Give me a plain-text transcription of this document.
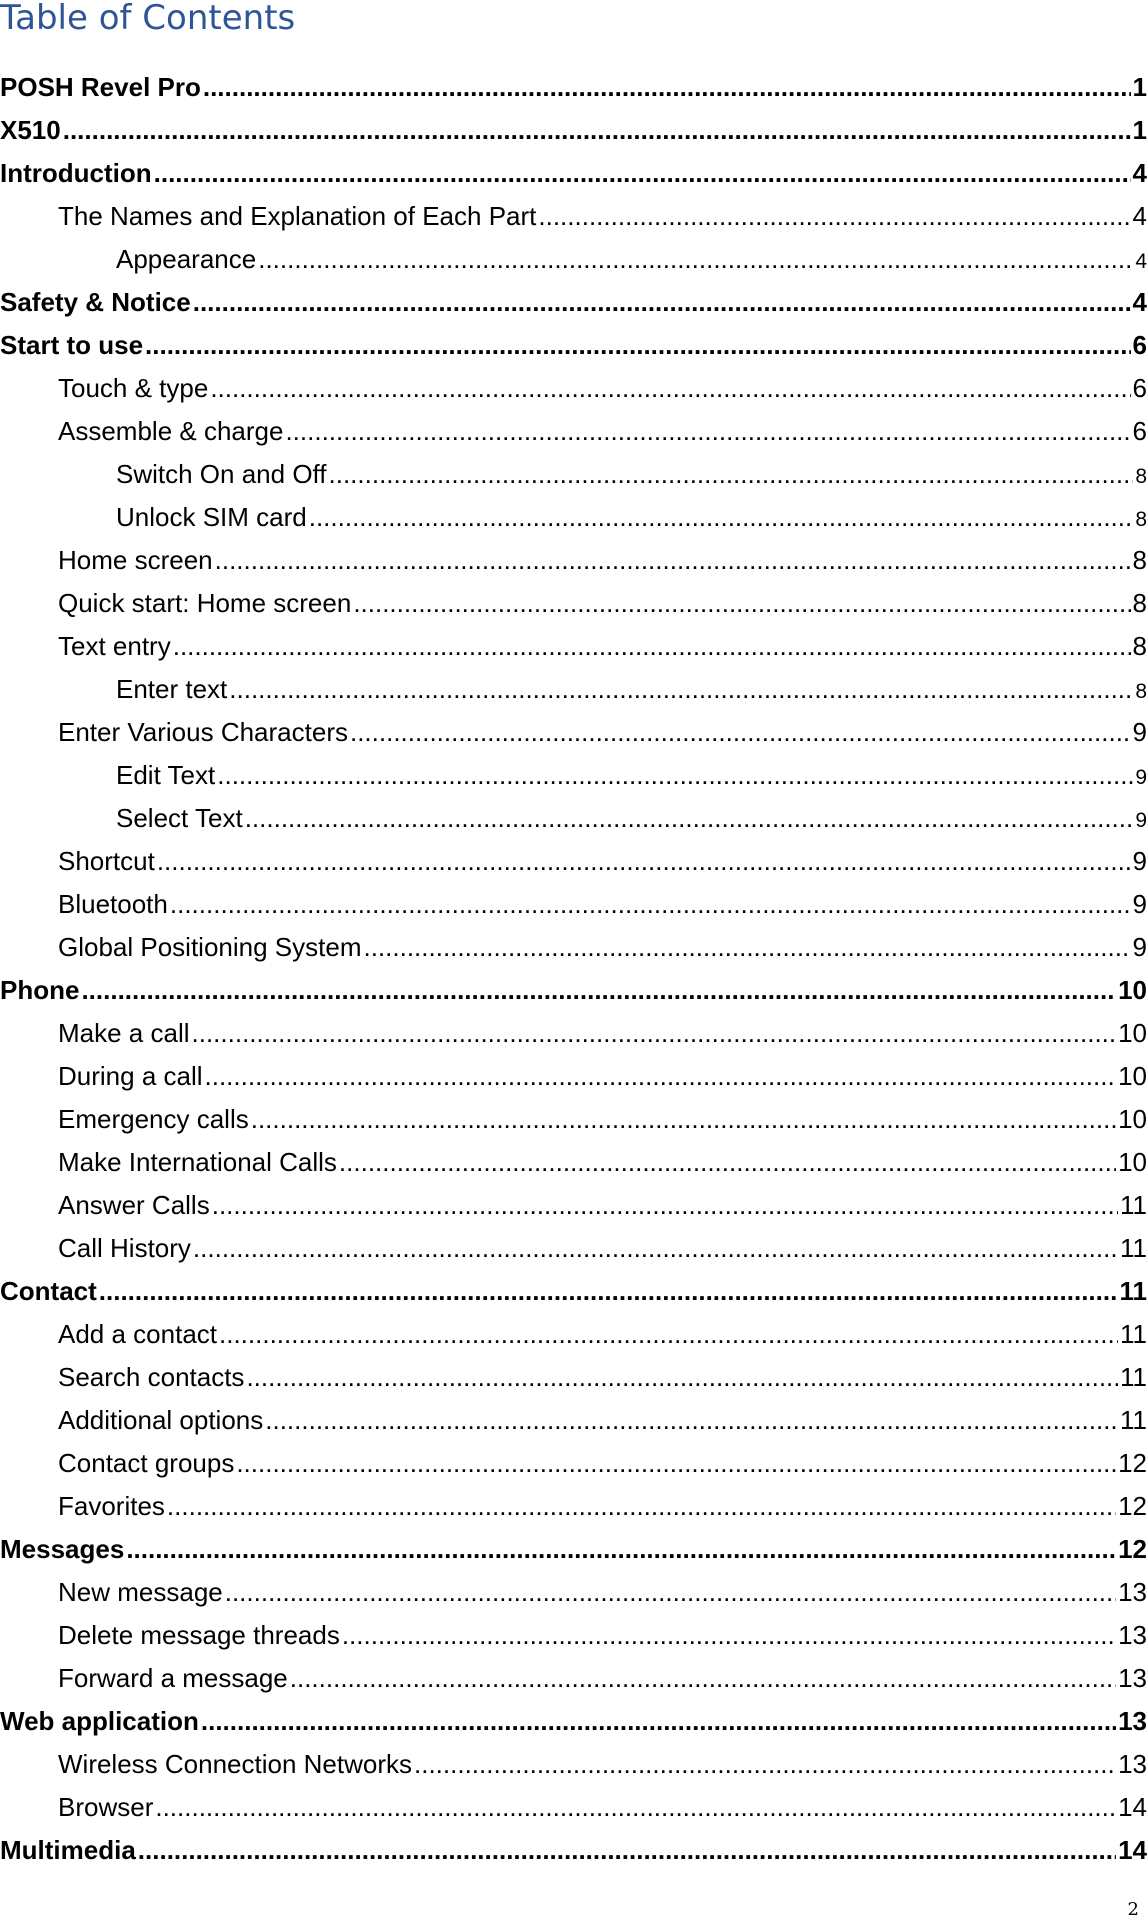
Table of Contents
POSH Revel Pro .....	1
X510 .....	1
Introduction .....	4
The Names and Explanation of Each Part .....	4
Appearance .....	4
Safety & Notice .....	4
Start to use .....	6
Touch & type .....	6
Assemble & charge .....	6
Switch On and Off .....	8
Unlock SIM card .....	8
Home screen .....	8
Quick start: Home screen .....	8
Text entry .....	8
Enter text .....	8
Enter Various Characters .....	9
Edit Text .....	9
Select Text .....	9
Shortcut .....	9
Bluetooth .....	9
Global Positioning System .....	9
Phone .....	10
Make a call .....	10
During a call .....	10
Emergency calls .....	10
Make International Calls .....	10
Answer Calls .....	11
Call History .....	11
Contact .....	11
Add a contact .....	11
Search contacts .....	11
Additional options .....	11
Contact groups .....	12
Favorites .....	12
Messages .....	12
New message .....	13
Delete message threads .....	13
Forward a message .....	13
Web application .....	13
Wireless Connection Networks .....	13
Browser .....	14
Multimedia .....	14
2
